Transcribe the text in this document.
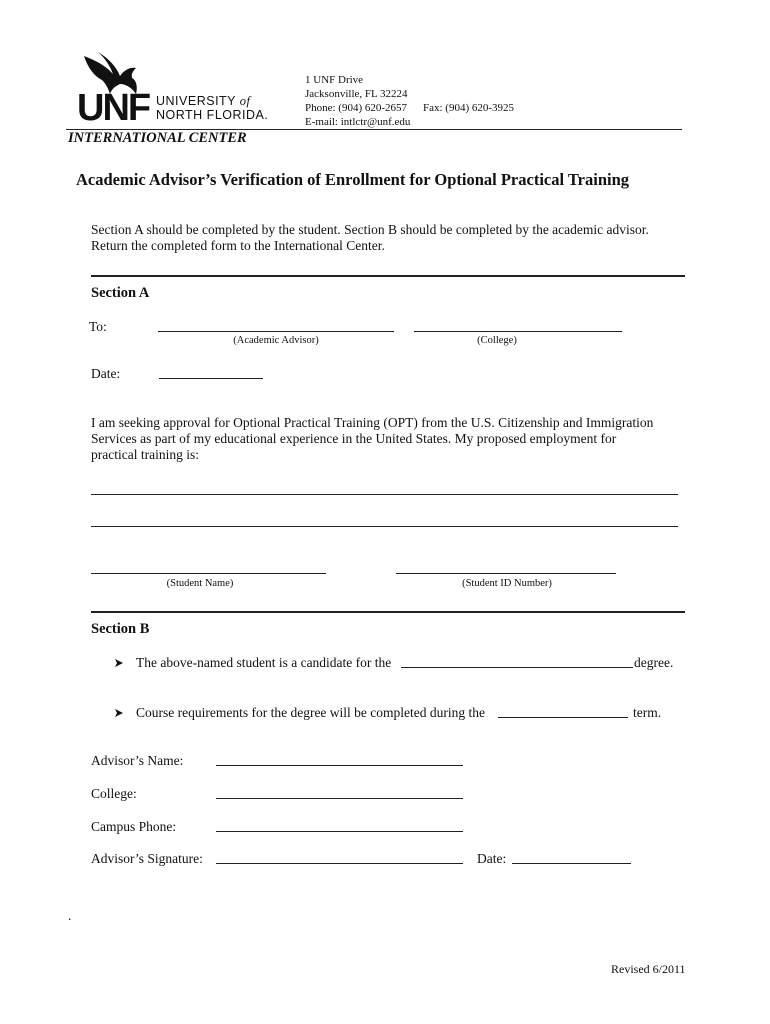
UNF UNIVERSITY of
NORTH FLORIDA.
1 UNF Drive
Jacksonville, FL 32224
Phone: (904) 620-2657 Fax: (904) 620-3925
E-mail: intlctr@unf.edu
INTERNATIONAL CENTER
Academic Advisor’s Verification of Enrollment for Optional Practical Training
Section A should be completed by the student. Section B should be completed by the academic advisor.
Return the completed form to the International Center.
Section A
To:
(Academic Advisor)	(College)
Date:
I am seeking approval for Optional Practical Training (OPT) from the U.S. Citizenship and Immigration
Services as part of my educational experience in the United States. My proposed employment for
practical training is:
(Student Name)	(Student ID Number)
Section B
The above-named student is a candidate for the	degree.
Course requirements for the degree will be completed during the	term.
Advisor’s Name:
College:
Campus Phone:
Advisor’s Signature:	Date:
.
Revised 6/2011
